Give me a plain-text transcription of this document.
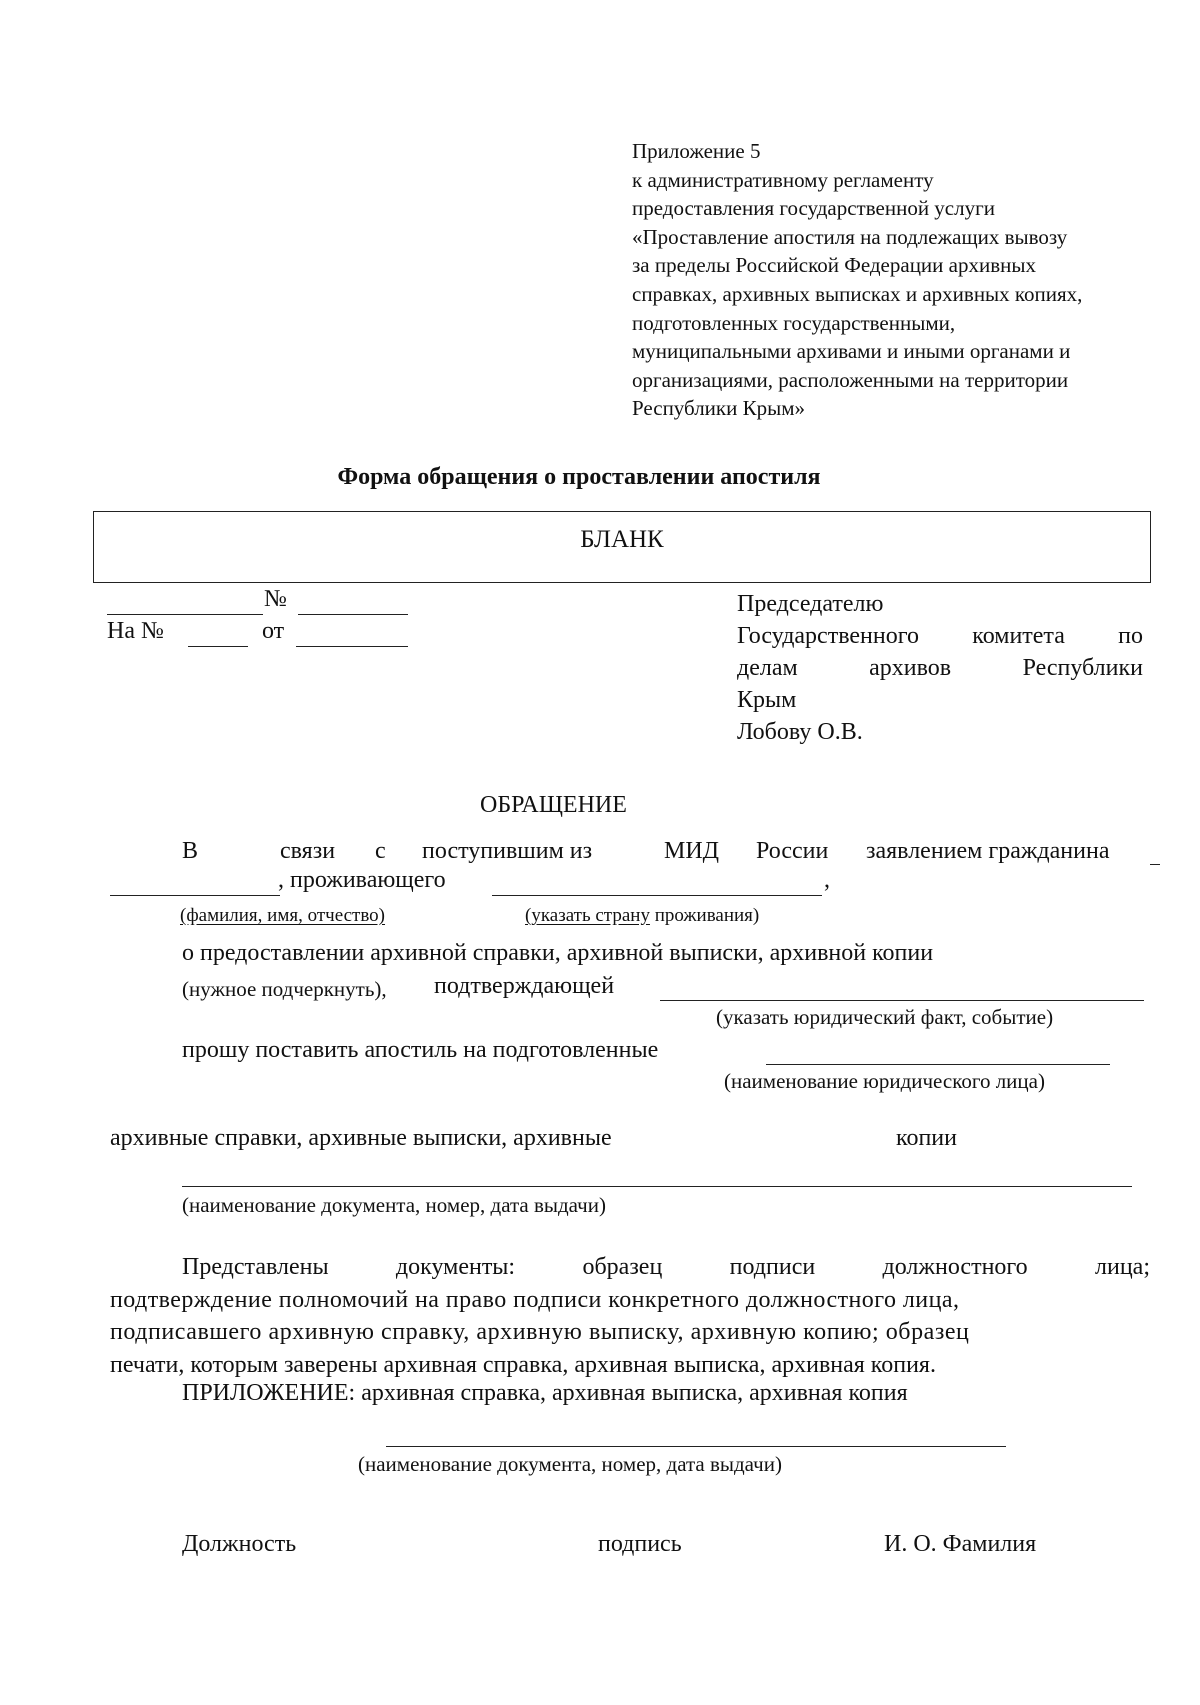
Приложение 5
к административному регламенту
предоставления государственной услуги
«Проставление апостиля на подлежащих вывозу
за пределы Российской Федерации архивных
справках, архивных выписках и архивных копиях,
подготовленных государственными,
муниципальными архивами и иными органами и
организациями, расположенными на территории
Республики Крым»
Форма обращения о проставлении апостиля
БЛАНК
№
На №	от
Председателю
Государственного комитета по
делам	архивов	Республики
Крым
Лобову О.В.
ОБРАЩЕНИЕ
В	связи с поступившим из	МИД России заявлением гражданина
, проживающего	,
(фамилия, имя, отчество)	(указать страну проживания)
о предоставлении архивной справки, архивной выписки, архивной копии
(нужное подчеркнуть), подтверждающей
(указать юридический факт, событие)
прошу поставить апостиль на подготовленные
(наименование юридического лица)
архивные справки, архивные выписки, архивные	копии
(наименование документа, номер, дата выдачи)
Представлены	документы:	образец	подписи	должностного	лица;
подтверждение полномочий на право подписи конкретного должностного лица,
подписавшего архивную справку, архивную выписку, архивную копию; образец
печати, которым заверены архивная справка, архивная выписка, архивная копия.
ПРИЛОЖЕНИЕ: архивная справка, архивная выписка, архивная копия
(наименование документа, номер, дата выдачи)
Должность	подпись	И. О. Фамилия
